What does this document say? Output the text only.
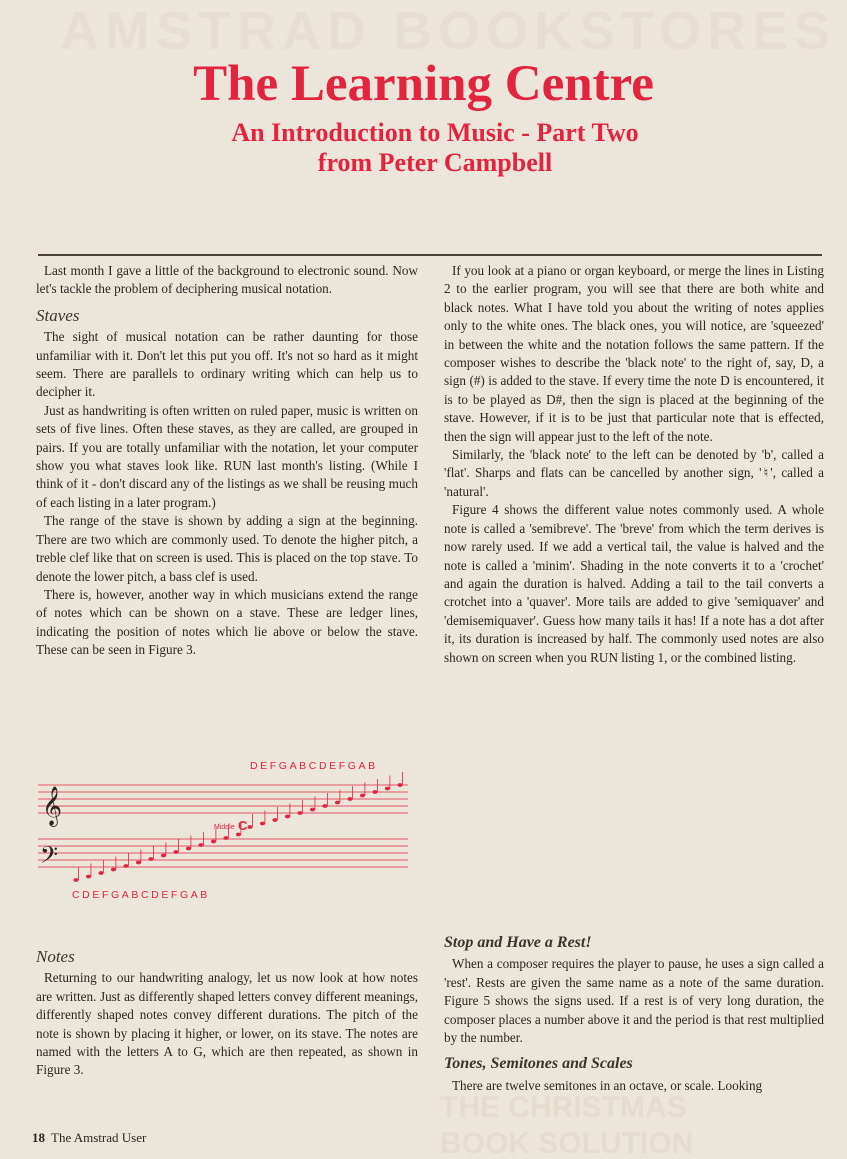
AMSTRAD BOOKSTORES
THE CHRISTMAS
BOOK SOLUTION
The Learning Centre
An Introduction to Music - Part Two
from Peter Campbell

Last month I gave a little of the background to electronic sound. Now let's tackle the problem of deciphering musical notation.

Staves

The sight of musical notation can be rather daunting for those unfamiliar with it. Don't let this put you off. It's not so hard as it might seem. There are parallels to ordinary writing which can help us to decipher it.

Just as handwriting is often written on ruled paper, music is written on sets of five lines. Often these staves, as they are called, are grouped in pairs. If you are totally unfamiliar with the notation, let your computer show you what staves look like. RUN last month's listing. (While I think of it - don't discard any of the listings as we shall be reusing much of each listing in a later program.)

The range of the stave is shown by adding a sign at the beginning. There are two which are commonly used. To denote the higher pitch, a treble clef like that on screen is used. This is placed on the top stave. To denote the lower pitch, a bass clef is used.

There is, however, another way in which musicians extend the range of notes which can be shown on a stave. These are ledger lines, indicating the position of notes which lie above or below the stave. These can be seen in Figure 3.

If you look at a piano or organ keyboard, or merge the lines in Listing 2 to the earlier program, you will see that there are both white and black notes. What I have told you about the writing of notes applies only to the white ones. The black ones, you will notice, are 'squeezed' in between the white and the notation follows the same pattern. If the composer wishes to describe the 'black note' to the right of, say, D, a sign (#) is added to the stave. If every time the note D is encountered, it is to be played as D#, then the sign is placed at the beginning of the stave. However, if it is to be just that particular note that is effected, then the sign will appear just to the left of the note.

Similarly, the 'black note' to the left can be denoted by 'b', called a 'flat'. Sharps and flats can be cancelled by another sign, '♮', called a 'natural'.

Figure 4 shows the different value notes commonly used. A whole note is called a 'semibreve'. The 'breve' from which the term derives is now rarely used. If we add a vertical tail, the value is halved and the note is called a 'minim'. Shading in the note converts it to a 'crochet' and again the duration is halved. Adding a tail to the tail converts a crotchet into a 'quaver'. More tails are added to give 'semiquaver' and 'demisemiquaver'. Guess how many tails it has! If a note has a dot after it, its duration is increased by half. The commonly used notes are also shown on screen when you RUN listing 1, or the combined listing.

DEFGABCDEFGAB
𝄞
Middle C
𝄢
CDEFGABCDEFGAB
Notes

Returning to our handwriting analogy, let us now look at how notes are written. Just as differently shaped letters convey different meanings, differently shaped notes convey different durations. The pitch of the note is shown by placing it higher, or lower, on its stave. The notes are named with the letters A to G, which are then repeated, as shown in Figure 3.

Stop and Have a Rest!

When a composer requires the player to pause, he uses a sign called a 'rest'. Rests are given the same name as a note of the same duration. Figure 5 shows the signs used. If a rest is of very long duration, the composer places a number above it and the period is that rest multiplied by the number.

Tones, Semitones and Scales

There are twelve semitones in an octave, or scale. Looking

18 The Amstrad User
